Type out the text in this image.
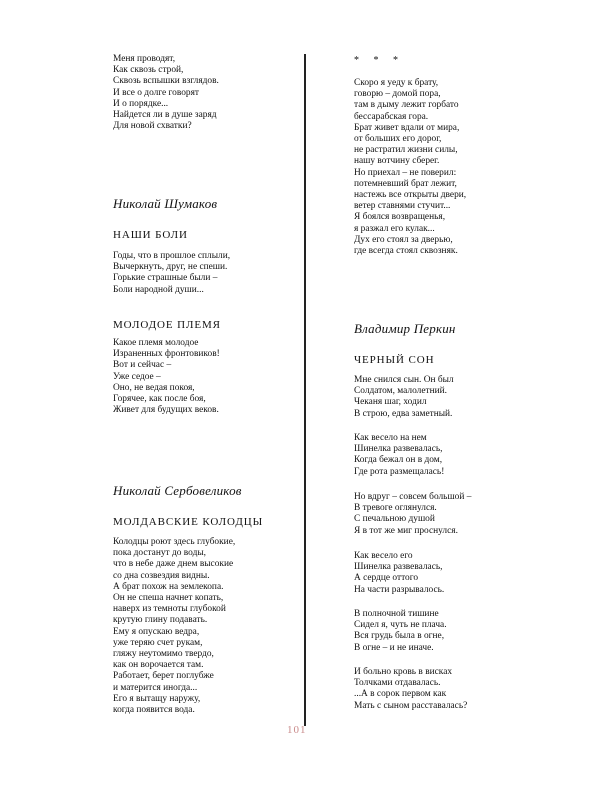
Меня проводят,
Как сквозь строй,
Сквозь вспышки взглядов.
И все о долге говорят
И о порядке...
Найдется ли в душе заряд
Для новой схватки?
Николай Шумаков
НАШИ БОЛИ
Годы, что в прошлое сплыли,
Вычеркнуть, друг, не спеши.
Горькие страшные были –
Боли народной души...
МОЛОДОЕ ПЛЕМЯ
Какое племя молодое
Израненных фронтовиков!
Вот и сейчас –
Уже седое –
Оно, не ведая покоя,
Горячее, как после боя,
Живет для будущих веков.
Николай Сербовеликов
МОЛДАВСКИЕ КОЛОДЦЫ
Колодцы роют здесь глубокие,
пока достанут до воды,
что в небе даже днем высокие
со дна созвездия видны.
А брат похож на землекопа.
Он не спеша начнет копать,
наверх из темноты глубокой
крутую глину подавать.
Ему я опускаю ведра,
уже теряю счет рукам,
гляжу неутомимо твердо,
как он ворочается там.
Работает, берет поглубже
и матерится иногда...
Его я вытащу наружу,
когда появится вода.
* * *
Скоро я уеду к брату,
говорю – домой пора,
там в дыму лежит горбато
бессарабская гора.
Брат живет вдали от мира,
от больших его дорог,
не растратил жизни силы,
нашу вотчину сберег.
Но приехал – не поверил:
потемневший брат лежит,
настежь все открыты двери,
ветер ставнями стучит...
Я боялся возвращенья,
я разжал его кулак...
Дух его стоял за дверью,
где всегда стоял сквозняк.
Владимир Перкин
ЧЕРНЫЙ СОН
Мне снился сын. Он был
Солдатом, малолетний.
Чеканя шаг, ходил
В строю, едва заметный.
Как весело на нем
Шинелка развевалась,
Когда бежал он в дом,
Где рота размещалась!
Но вдруг – совсем большой –
В тревоге оглянулся.
С печальною душой
Я в тот же миг проснулся.
Как весело его
Шинелка развевалась,
А сердце оттого
На части разрывалось.
В полночной тишине
Сидел я, чуть не плача.
Вся грудь была в огне,
В огне – и не иначе.
И больно кровь в висках
Толчками отдавалась.
...А в сорок первом как
Мать с сыном расставалась?
101
